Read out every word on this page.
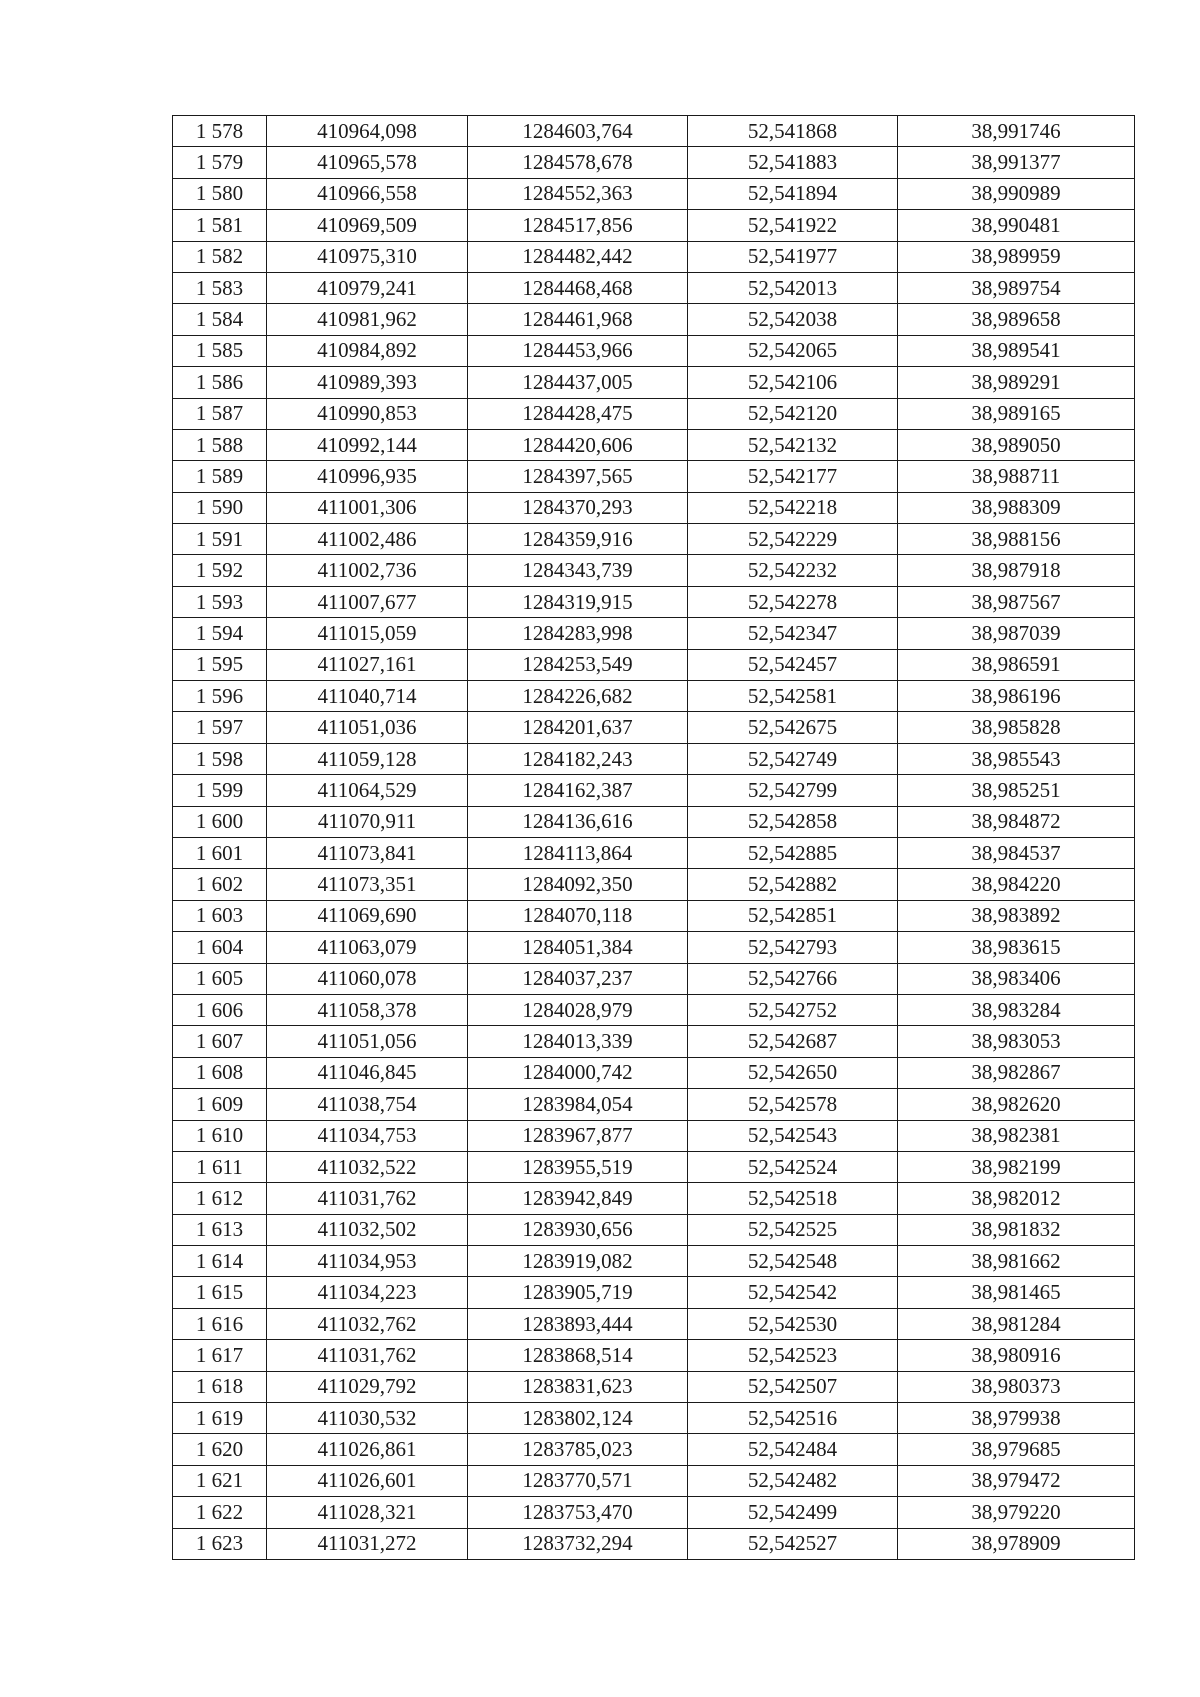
1 578	410964,098	1284603,764	52,541868	38,991746
1 579	410965,578	1284578,678	52,541883	38,991377
1 580	410966,558	1284552,363	52,541894	38,990989
1 581	410969,509	1284517,856	52,541922	38,990481
1 582	410975,310	1284482,442	52,541977	38,989959
1 583	410979,241	1284468,468	52,542013	38,989754
1 584	410981,962	1284461,968	52,542038	38,989658
1 585	410984,892	1284453,966	52,542065	38,989541
1 586	410989,393	1284437,005	52,542106	38,989291
1 587	410990,853	1284428,475	52,542120	38,989165
1 588	410992,144	1284420,606	52,542132	38,989050
1 589	410996,935	1284397,565	52,542177	38,988711
1 590	411001,306	1284370,293	52,542218	38,988309
1 591	411002,486	1284359,916	52,542229	38,988156
1 592	411002,736	1284343,739	52,542232	38,987918
1 593	411007,677	1284319,915	52,542278	38,987567
1 594	411015,059	1284283,998	52,542347	38,987039
1 595	411027,161	1284253,549	52,542457	38,986591
1 596	411040,714	1284226,682	52,542581	38,986196
1 597	411051,036	1284201,637	52,542675	38,985828
1 598	411059,128	1284182,243	52,542749	38,985543
1 599	411064,529	1284162,387	52,542799	38,985251
1 600	411070,911	1284136,616	52,542858	38,984872
1 601	411073,841	1284113,864	52,542885	38,984537
1 602	411073,351	1284092,350	52,542882	38,984220
1 603	411069,690	1284070,118	52,542851	38,983892
1 604	411063,079	1284051,384	52,542793	38,983615
1 605	411060,078	1284037,237	52,542766	38,983406
1 606	411058,378	1284028,979	52,542752	38,983284
1 607	411051,056	1284013,339	52,542687	38,983053
1 608	411046,845	1284000,742	52,542650	38,982867
1 609	411038,754	1283984,054	52,542578	38,982620
1 610	411034,753	1283967,877	52,542543	38,982381
1 611	411032,522	1283955,519	52,542524	38,982199
1 612	411031,762	1283942,849	52,542518	38,982012
1 613	411032,502	1283930,656	52,542525	38,981832
1 614	411034,953	1283919,082	52,542548	38,981662
1 615	411034,223	1283905,719	52,542542	38,981465
1 616	411032,762	1283893,444	52,542530	38,981284
1 617	411031,762	1283868,514	52,542523	38,980916
1 618	411029,792	1283831,623	52,542507	38,980373
1 619	411030,532	1283802,124	52,542516	38,979938
1 620	411026,861	1283785,023	52,542484	38,979685
1 621	411026,601	1283770,571	52,542482	38,979472
1 622	411028,321	1283753,470	52,542499	38,979220
1 623	411031,272	1283732,294	52,542527	38,978909
